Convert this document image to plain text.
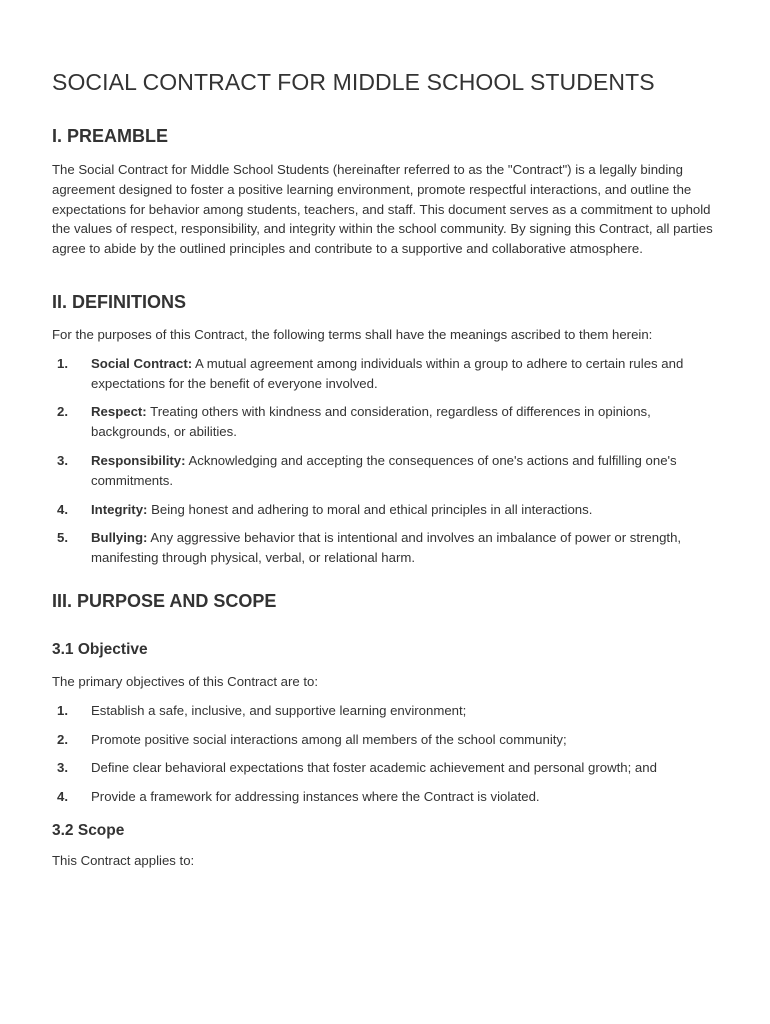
SOCIAL CONTRACT FOR MIDDLE SCHOOL STUDENTS
I. PREAMBLE

The Social Contract for Middle School Students (hereinafter referred to as the "Contract") is a legally binding agreement designed to foster a positive learning environment, promote respectful interactions, and outline the expectations for behavior among students, teachers, and staff. This document serves as a commitment to uphold the values of respect, responsibility, and integrity within the school community. By signing this Contract, all parties agree to abide by the outlined principles and contribute to a supportive and collaborative atmosphere.

II. DEFINITIONS

For the purposes of this Contract, the following terms shall have the meanings ascribed to them herein:

1. Social Contract: A mutual agreement among individuals within a group to adhere to certain rules and expectations for the benefit of everyone involved.
2. Respect: Treating others with kindness and consideration, regardless of differences in opinions, backgrounds, or abilities.
3. Responsibility: Acknowledging and accepting the consequences of one's actions and fulfilling one's commitments.
4. Integrity: Being honest and adhering to moral and ethical principles in all interactions.
5. Bullying: Any aggressive behavior that is intentional and involves an imbalance of power or strength, manifesting through physical, verbal, or relational harm.
III. PURPOSE AND SCOPE
3.1 Objective

The primary objectives of this Contract are to:

1. Establish a safe, inclusive, and supportive learning environment;
2. Promote positive social interactions among all members of the school community;
3. Define clear behavioral expectations that foster academic achievement and personal growth; and
4. Provide a framework for addressing instances where the Contract is violated.
3.2 Scope

This Contract applies to:
